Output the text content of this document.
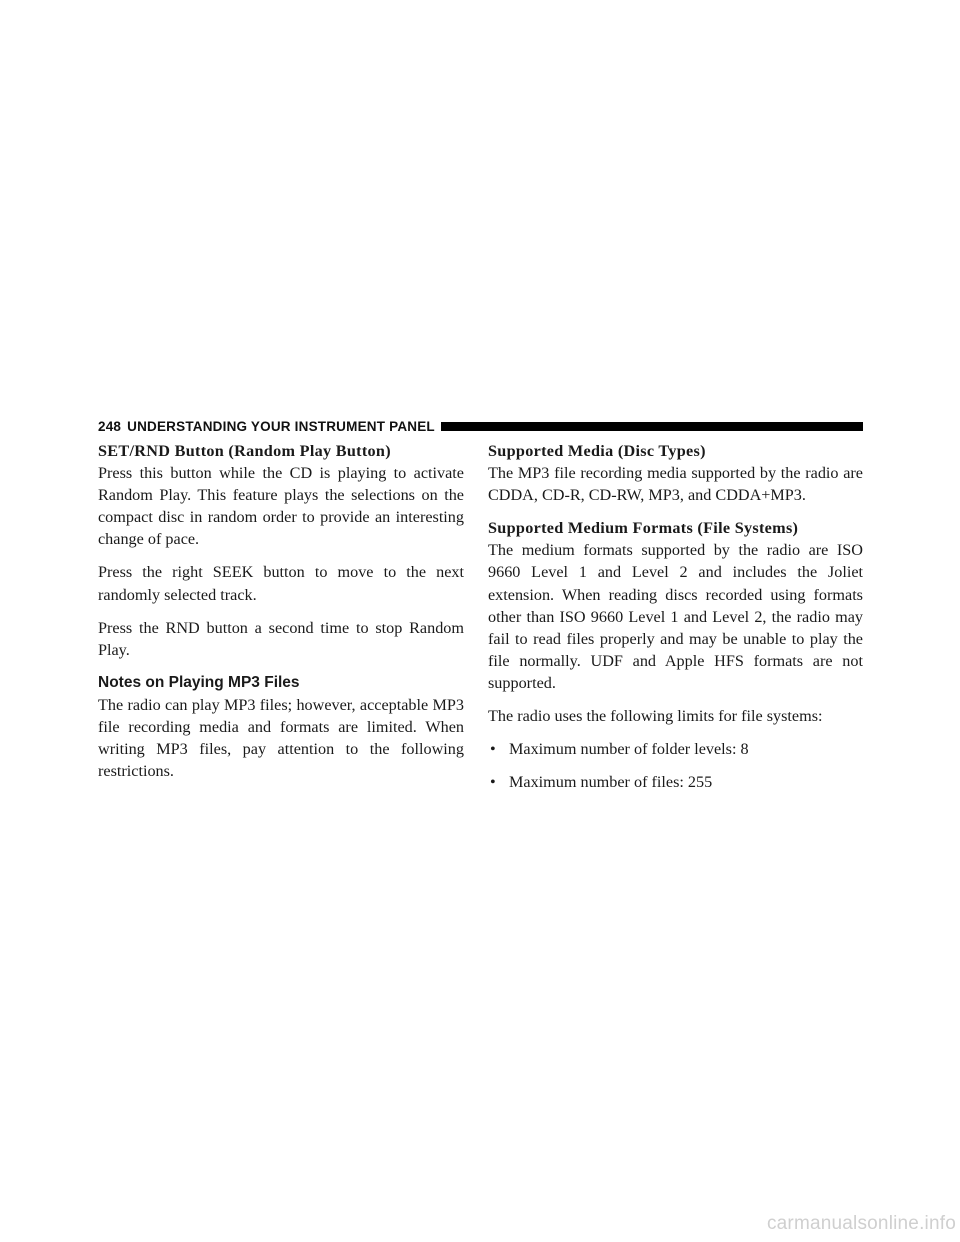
248 UNDERSTANDING YOUR INSTRUMENT PANEL

SET/RND Button (Random Play Button)

Press this button while the CD is playing to activate Random Play. This feature plays the selections on the compact disc in random order to provide an interesting change of pace.

Press the right SEEK button to move to the next randomly selected track.

Press the RND button a second time to stop Random Play.

Notes on Playing MP3 Files

The radio can play MP3 files; however, acceptable MP3 file recording media and formats are limited. When writing MP3 files, pay attention to the following restrictions.

Supported Media (Disc Types)

The MP3 file recording media supported by the radio are CDDA, CD-R, CD-RW, MP3, and CDDA+MP3.

Supported Medium Formats (File Systems)

The medium formats supported by the radio are ISO 9660 Level 1 and Level 2 and includes the Joliet extension. When reading discs recorded using formats other than ISO 9660 Level 1 and Level 2, the radio may fail to read files properly and may be unable to play the file normally. UDF and Apple HFS formats are not supported.

The radio uses the following limits for file systems:

• Maximum number of folder levels: 8
• Maximum number of files: 255
carmanualsonline.info
